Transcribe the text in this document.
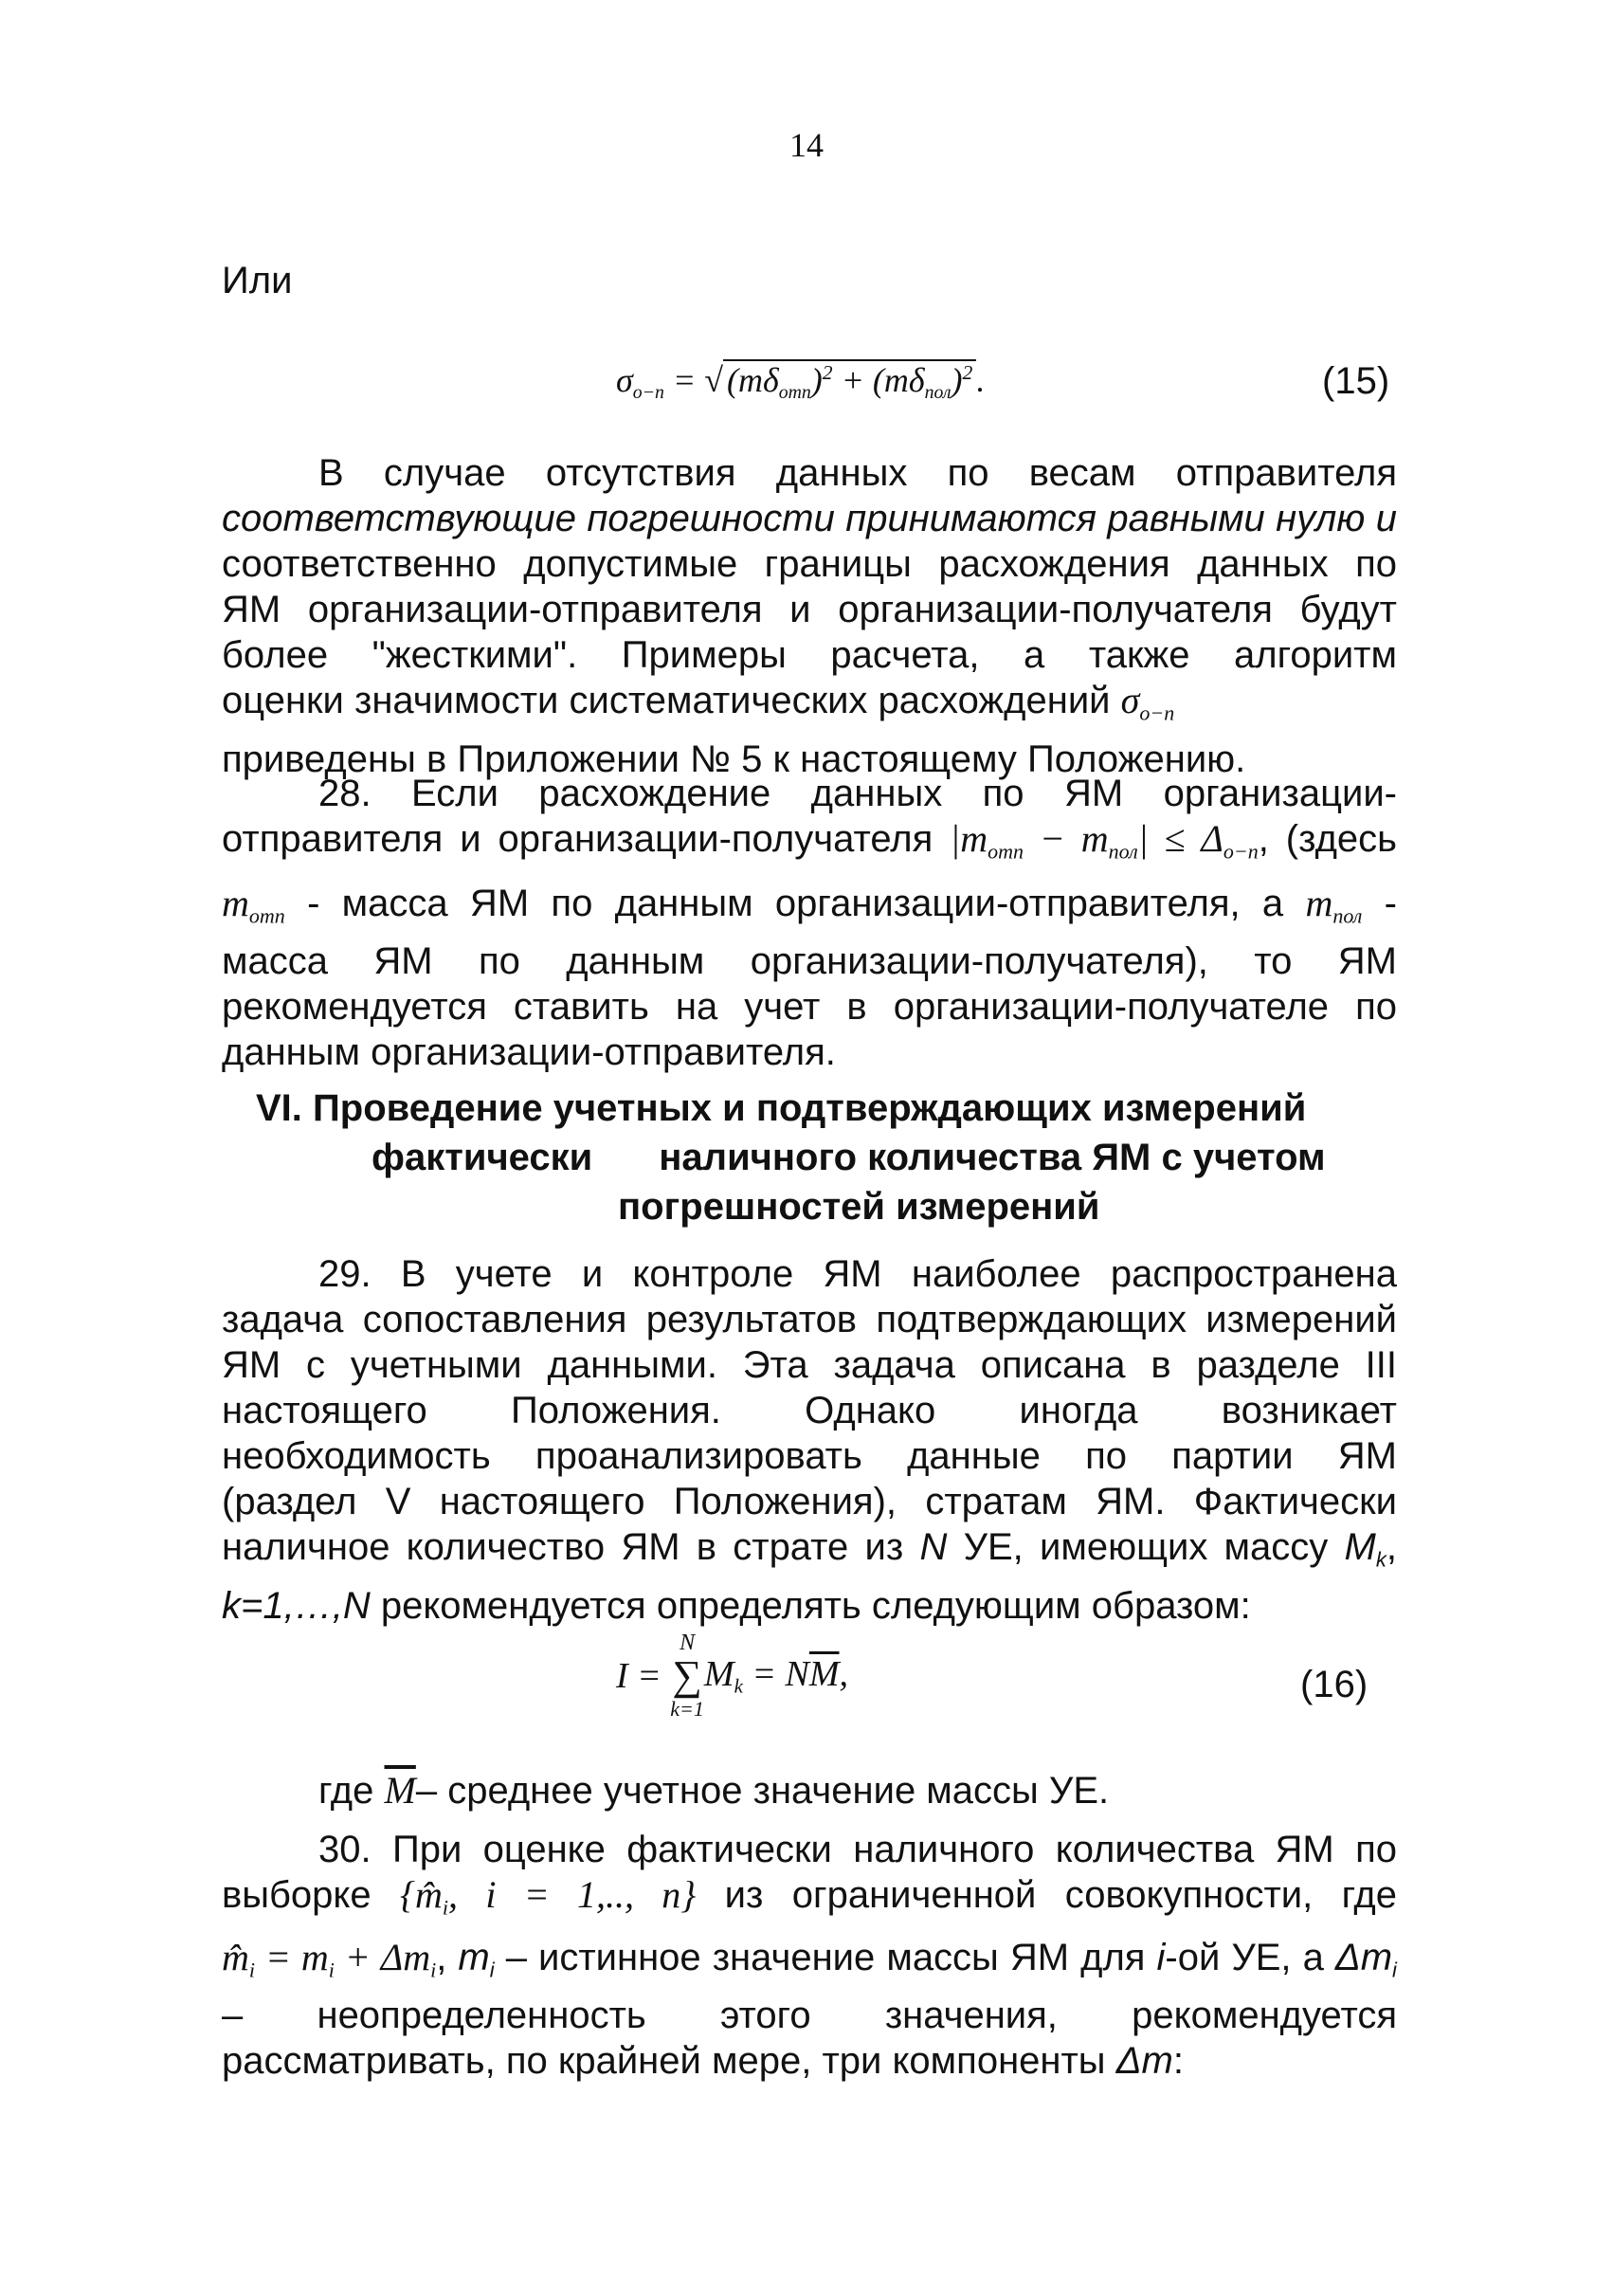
14
Или
$\sigma_{о-п}$ = √ $(m\delta_{отп})^2 + (m\delta_{пол})^2$ .	(15)
В случае отсутствия данных по весам отправителя
соответствующие погрешности принимаются равными нулю и
соответственно допустимые границы расхождения данных по
ЯМ организации-отправителя и организации-получателя будут
более "жесткими". Примеры расчета, а также алгоритм
оценки значимости систематических расхождений $\sigma_{о-п}$
приведены в Приложении № 5 к настоящему Положению.
28. Если расхождение данных по ЯМ организации-
отправителя и организации-получателя $|m_{отп} - m_{пол}| \le \Delta_{о-п}$, (здесь
$m_{отп}$ - масса ЯМ по данным организации-отправителя, а $m_{пол}$ -
масса ЯМ по данным организации-получателя), то ЯМ
рекомендуется ставить на учет в организации-получателе по
данным организации-отправителя.
VI. Проведение учетных и подтверждающих измерений
фактически наличного количества ЯМ с учетом
погрешностей измерений
29. В учете и контроле ЯМ наиболее распространена
задача сопоставления результатов подтверждающих измерений
ЯМ с учетными данными. Эта задача описана в разделе III
настоящего Положения. Однако иногда возникает
необходимость проанализировать данные по партии ЯМ
(раздел V настоящего Положения), стратам ЯМ. Фактически
наличное количество ЯМ в страте из N УЕ, имеющих массу $M_k$,
k=1,…,N рекомендуется определять следующим образом:
I =
N
∑
k=1
$M_k = N\overline{M}$,	(16)
где $\overline{M}-$ среднее учетное значение массы УЕ.
30. При оценке фактически наличного количества ЯМ по
выборке {$m̂_i$, i = 1,.., n} из ограниченной совокупности, где
$m̂_i = m_i + \Delta m_i$, $m_i$ – истинное значение массы ЯМ для i-ой УЕ, а $\Delta m_i$
– неопределенность этого значения, рекомендуется
рассматривать, по крайней мере, три компоненты Δm:
